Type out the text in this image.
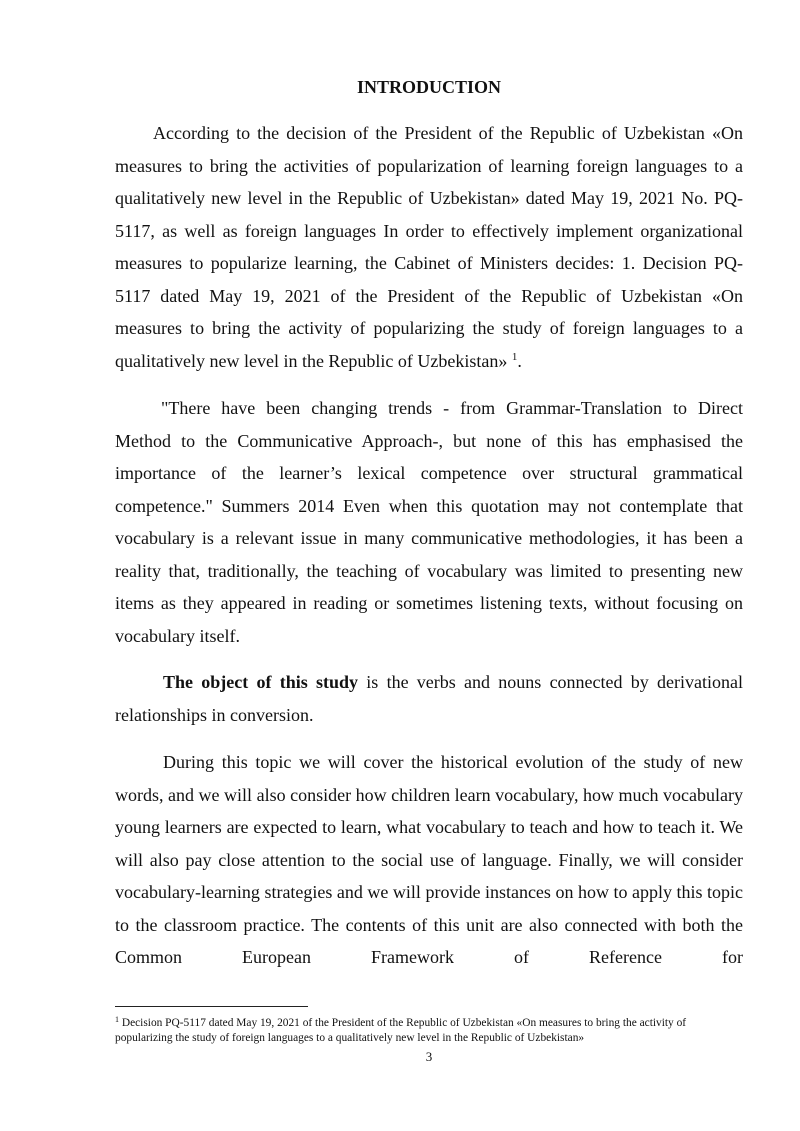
INTRODUCTION

According to the decision of the President of the Republic of Uzbekistan «On measures to bring the activities of popularization of learning foreign languages to a qualitatively new level in the Republic of Uzbekistan» dated May 19, 2021 No. PQ-5117, as well as foreign languages In order to effectively implement organizational measures to popularize learning, the Cabinet of Ministers decides: 1. Decision PQ-5117 dated May 19, 2021 of the President of the Republic of Uzbekistan «On measures to bring the activity of popularizing the study of foreign languages to a qualitatively new level in the Republic of Uzbekistan» $^1$.

"There have been changing trends - from Grammar-Translation to Direct Method to the Communicative Approach-, but none of this has emphasised the importance of the learner’s lexical competence over structural grammatical competence." Summers 2014 Even when this quotation may not contemplate that vocabulary is a relevant issue in many communicative methodologies, it has been a reality that, traditionally, the teaching of vocabulary was limited to presenting new items as they appeared in reading or sometimes listening texts, without focusing on vocabulary itself.

The object of this study is the verbs and nouns connected by derivational relationships in conversion.

During this topic we will cover the historical evolution of the study of new words, and we will also consider how children learn vocabulary, how much vocabulary young learners are expected to learn, what vocabulary to teach and how to teach it. We will also pay close attention to the social use of language. Finally, we will consider vocabulary-learning strategies and we will provide instances on how to apply this topic to the classroom practice. The contents of this unit are also connected with both the Common European Framework of Reference for

$^1$ Decision PQ-5117 dated May 19, 2021 of the President of the Republic of Uzbekistan «On measures to bring the activity of popularizing the study of foreign languages to a qualitatively new level in the Republic of Uzbekistan»
3
